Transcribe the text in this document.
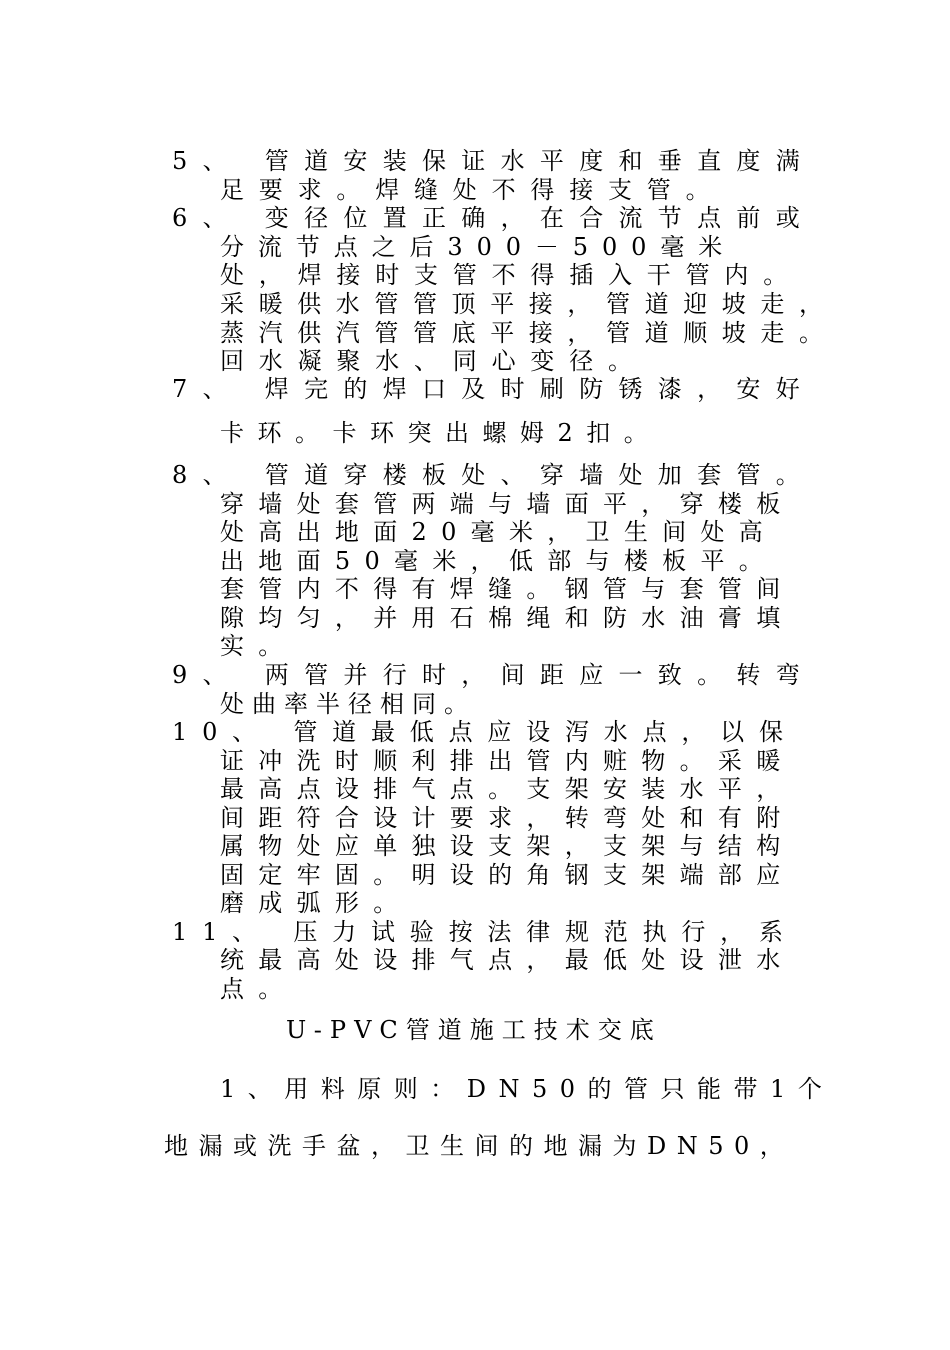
5、 管道安装保证水平度和垂直度满
足要求。焊缝处不得接支管。
6、 变径位置正确，在合流节点前或
分流节点之后300－500毫米
处，焊接时支管不得插入干管内。
采暖供水管管顶平接，管道迎坡走，
蒸汽供汽管管底平接，管道顺坡走。
回水凝聚水、同心变径。
7、 焊完的焊口及时刷防锈漆，安好
卡环。卡环突出螺姆2扣。
8、 管道穿楼板处、穿墙处加套管。
穿墙处套管两端与墙面平，穿楼板
处高出地面20毫米，卫生间处高
出地面50毫米，低部与楼板平。
套管内不得有焊缝。钢管与套管间
隙均匀，并用石棉绳和防水油膏填
实。
9、 两管并行时，间距应一致。转弯
处曲率半径相同。
10、 管道最低点应设泻水点，以保
证冲洗时顺利排出管内赃物。采暖
最高点设排气点。支架安装水平，
间距符合设计要求，转弯处和有附
属物处应单独设支架，支架与结构
固定牢固。明设的角钢支架端部应
磨成弧形。
11、 压力试验按法律规范执行，系
统最高处设排气点，最低处设泄水
点。
U-PVC管道施工技术交底
1、用料原则：DN50的管只能带1个
地漏或洗手盆，卫生间的地漏为DN50，
